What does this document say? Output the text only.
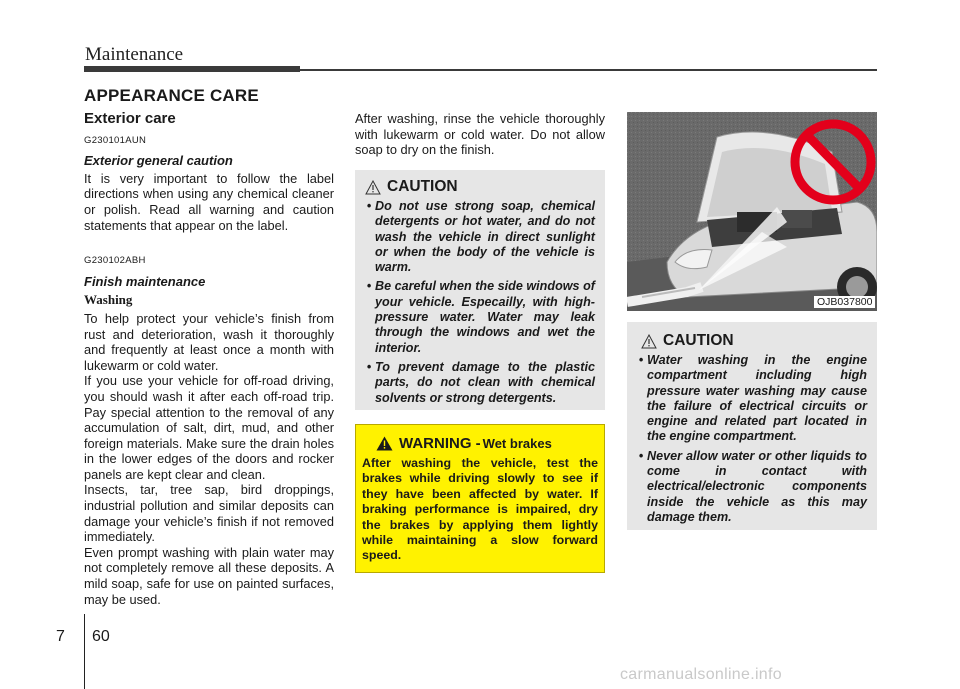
Maintenance
APPEARANCE CARE
Exterior care
G230101AUN
Exterior general caution

It is very important to follow the label directions when using any chemical cleaner or polish. Read all warning and caution statements that appear on the label.

G230102ABH
Finish maintenance
Washing

To help protect your vehicle’s finish from rust and deterioration, wash it thoroughly and frequently at least once a month with lukewarm or cold water.

If you use your vehicle for off-road driving, you should wash it after each off-road trip. Pay special attention to the removal of any accumulation of salt, dirt, mud, and other foreign materials. Make sure the drain holes in the lower edges of the doors and rocker panels are kept clear and clean.

Insects, tar, tree sap, bird droppings, industrial pollution and similar deposits can damage your vehicle’s finish if not removed immediately.

Even prompt washing with plain water may not completely remove all these deposits. A mild soap, safe for use on painted surfaces, may be used.

After washing, rinse the vehicle thoroughly with lukewarm or cold water. Do not allow soap to dry on the finish.

CAUTION
• Do not use strong soap, chemical detergents or hot water, and do not wash the vehicle in direct sunlight or when the body of the vehicle is warm.
• Be careful when the side windows of your vehicle. Especailly, with high-pressure water. Water may leak through the windows and wet the interior.
• To prevent damage to the plastic parts, do not clean with chemical solvents or strong detergents.
WARNING - Wet brakes
After washing the vehicle, test the brakes while driving slowly to see if they have been affected by water. If braking performance is impaired, dry the brakes by applying them lightly while maintaining a slow forward speed.
OJB037800
CAUTION
• Water washing in the engine compartment including high pressure water washing may cause the failure of electrical circuits or engine and related part located in the engine compartment.
• Never allow water or other liquids to come in contact with electrical/electronic components inside the vehicle as this may damage them.
7 60
carmanualsonline.info
